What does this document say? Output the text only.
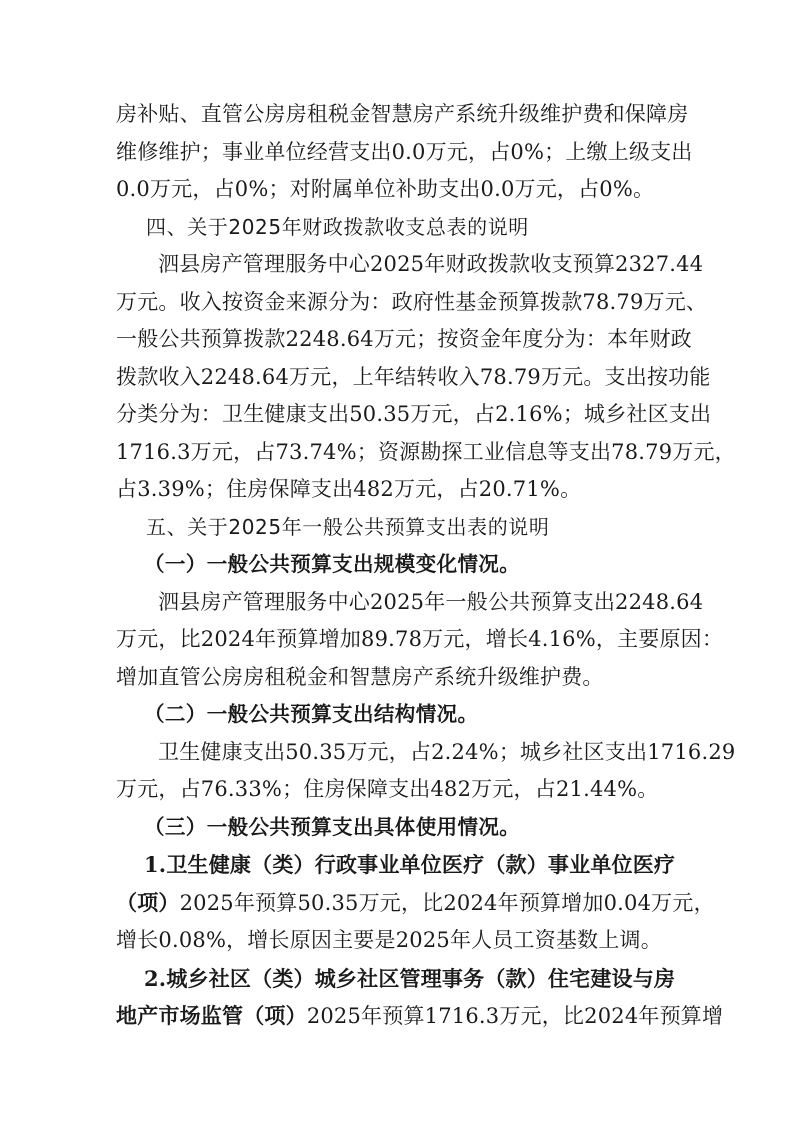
房补贴、直管公房房租税金智慧房产系统升级维护费和保障房
维修维护；事业单位经营支出0.0万元，占0%；上缴上级支出
0.0万元，占0%；对附属单位补助支出0.0万元，占0%。

四、关于2025年财政拨款收支总表的说明

泗县房产管理服务中心2025年财政拨款收支预算2327.44
万元。收入按资金来源分为：政府性基金预算拨款78.79万元、
一般公共预算拨款2248.64万元；按资金年度分为：本年财政
拨款收入2248.64万元，上年结转收入78.79万元。支出按功能
分类分为：卫生健康支出50.35万元，占2.16%；城乡社区支出
1716.3万元，占73.74%；资源勘探工业信息等支出78.79万元，
占3.39%；住房保障支出482万元，占20.71%。

五、关于2025年一般公共预算支出表的说明

（一）一般公共预算支出规模变化情况。

泗县房产管理服务中心2025年一般公共预算支出2248.64
万元，比2024年预算增加89.78万元，增长4.16%，主要原因：
增加直管公房房租税金和智慧房产系统升级维护费。

（二）一般公共预算支出结构情况。

卫生健康支出50.35万元，占2.24%；城乡社区支出1716.29
万元，占76.33%；住房保障支出482万元，占21.44%。

（三）一般公共预算支出具体使用情况。

1.卫生健康（类）行政事业单位医疗（款）事业单位医疗
（项）2025年预算50.35万元，比2024年预算增加0.04万元，
增长0.08%，增长原因主要是2025年人员工资基数上调。

2.城乡社区（类）城乡社区管理事务（款）住宅建设与房
地产市场监管（项）2025年预算1716.3万元，比2024年预算增
